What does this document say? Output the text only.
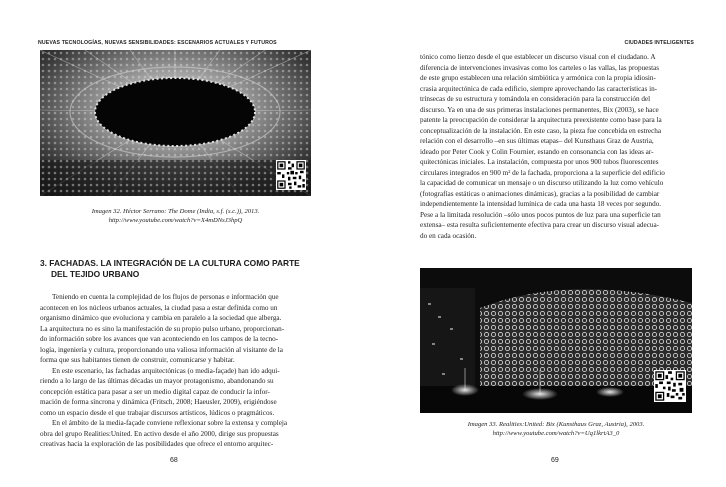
NUEVAS TECNOLOGÍAS, NUEVAS SENSIBILIDADES: ESCENARIOS ACTUALES Y FUTUROS
Imagen 32. Héctor Serrano: The Dome (India, s.f. (s.c.)), 2013.
http://www.youtube.com/watch?v=X4mDNsJ3hpQ
3. FACHADAS. LA INTEGRACIÓN DE LA CULTURA COMO PARTE
DEL TEJIDO URBANO
Teniendo en cuenta la complejidad de los flujos de personas e información que
acontecen en los núcleos urbanos actuales, la ciudad pasa a estar definida como un
organismo dinámico que evoluciona y cambia en paralelo a la sociedad que alberga.
La arquitectura no es sino la manifestación de su propio pulso urbano, proporcionan-
do información sobre los avances que van aconteciendo en los campos de la tecno-
logía, ingeniería y cultura, proporcionando una valiosa información al visitante de la
forma que sus habitantes tienen de construir, comunicarse y habitar.
En este escenario, las fachadas arquitectónicas (o media-façade) han ido adqui-
riendo a lo largo de las últimas décadas un mayor protagonismo, abandonando su
concepción estática para pasar a ser un medio digital capaz de conducir la infor-
mación de forma síncrona y dinámica (Fritsch, 2008; Haeusler, 2009), erigiéndose
como un espacio desde el que trabajar discursos artísticos, lúdicos o pragmáticos.
En el ámbito de la media-façade conviene reflexionar sobre la extensa y compleja
obra del grupo Realities:United. En activo desde el año 2000, dirige sus propuestas
creativas hacia la exploración de las posibilidades que ofrece el entorno arquitec-
68
CIUDADES INTELIGENTES
tónico como lienzo desde el que establecer un discurso visual con el ciudadano. A
diferencia de intervenciones invasivas como los carteles o las vallas, las propuestas
de este grupo establecen una relación simbiótica y armónica con la propia idiosin-
crasia arquitectónica de cada edificio, siempre aprovechando las características in-
trínsecas de su estructura y tomándola en consideración para la construcción del
discurso. Ya en una de sus primeras instalaciones permanentes, Bix (2003), se hace
patente la preocupación de considerar la arquitectura preexistente como base para la
conceptualización de la instalación. En este caso, la pieza fue concebida en estrecha
relación con el desarrollo –en sus últimas etapas– del Kunsthaus Graz de Austria,
ideado por Peter Cook y Colin Fournier, estando en consonancia con las ideas ar-
quitectónicas iniciales. La instalación, compuesta por unos 900 tubos fluorescentes
circulares integrados en 900 m² de la fachada, proporciona a la superficie del edificio
la capacidad de comunicar un mensaje o un discurso utilizando la luz como vehículo
(fotografías estáticas o animaciones dinámicas), gracias a la posibilidad de cambiar
independientemente la intensidad lumínica de cada una hasta 18 veces por segundo.
Pese a la limitada resolución –sólo unos pocos puntos de luz para una superficie tan
extensa– esta resulta suficientemente efectiva para crear un discurso visual adecua-
do en cada ocasión.
Imagen 33. Realities:United: Bix (Kunsthaus Graz, Austria), 2003.
http://www.youtube.com/watch?v=Uq1lkrtA3_0
69
